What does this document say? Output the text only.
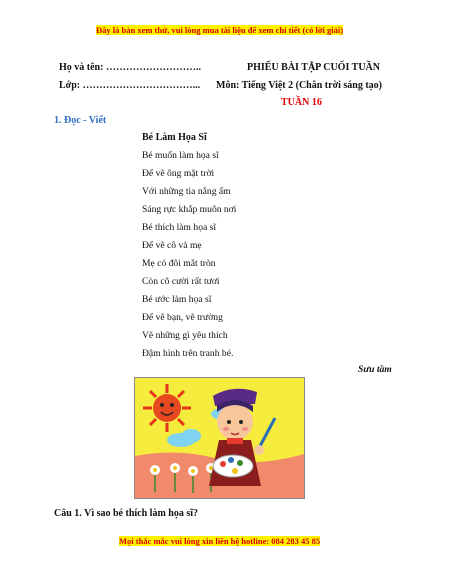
Đây là bản xem thử, vui lòng mua tài liệu để xem chi tiết (có lời giải)
Họ và tên: ………………………..
Lớp: ……………………………...
PHIẾU BÀI TẬP CUỐI TUẦN
Môn: Tiếng Việt 2 (Chân trời sáng tạo)
TUẦN 16
1. Đọc - Viết
Bé Làm Họa Sĩ
Bé muốn làm họa sĩ
Để vẽ ông mặt trời
Với những tia nắng ấm
Sáng rực khắp muôn nơi
Bé thích làm họa sĩ
Để vẽ cô và mẹ
Mẹ có đôi mắt tròn
Còn cô cười rất tươi
Bé ước làm họa sĩ
Để vẽ bạn, vẽ trường
Vẽ những gì yêu thích
Đậm hình trên tranh bé.
Sưu tầm
Câu 1. Vì sao bé thích làm họa sĩ?
Mọi thắc mắc vui lòng xin liên hệ hotline: 084 283 45 85
